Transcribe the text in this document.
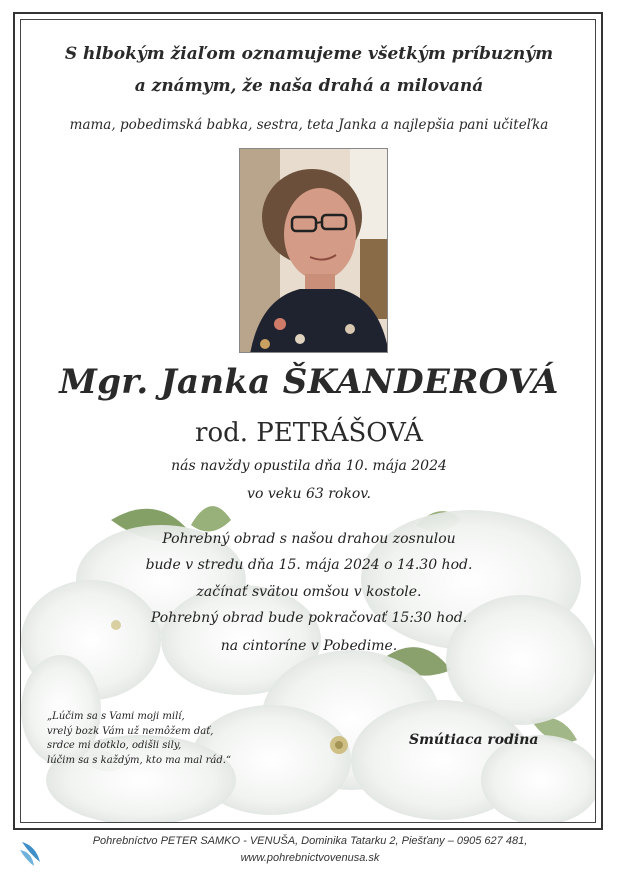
S hlbokým žiaľom oznamujeme všetkým príbuzným
a známym, že naša drahá a milovaná
mama, pobedimská babka, sestra, teta Janka a najlepšia pani učiteľka
Mgr. Janka ŠKANDEROVÁ
rod. PETRÁŠOVÁ
nás navždy opustila dňa 10. mája 2024
vo veku 63 rokov.
Pohrebný obrad s našou drahou zosnulou
bude v stredu dňa 15. mája 2024 o 14.30 hod.
začínať svätou omšou v kostole.
Pohrebný obrad bude pokračovať 15:30 hod.
na cintoríne v Pobedime.
„Lúčim sa s Vami moji milí,
vrelý bozk Vám už nemôžem dať,
srdce mi dotklo, odišli sily,
lúčim sa s každým, kto ma mal rád.“
Smútiaca rodina
Pohrebníctvo PETER SAMKO - VENUŠA, Dominika Tatarku 2, Piešťany – 0905 627 481,
www.pohrebnictvovenusa.sk
